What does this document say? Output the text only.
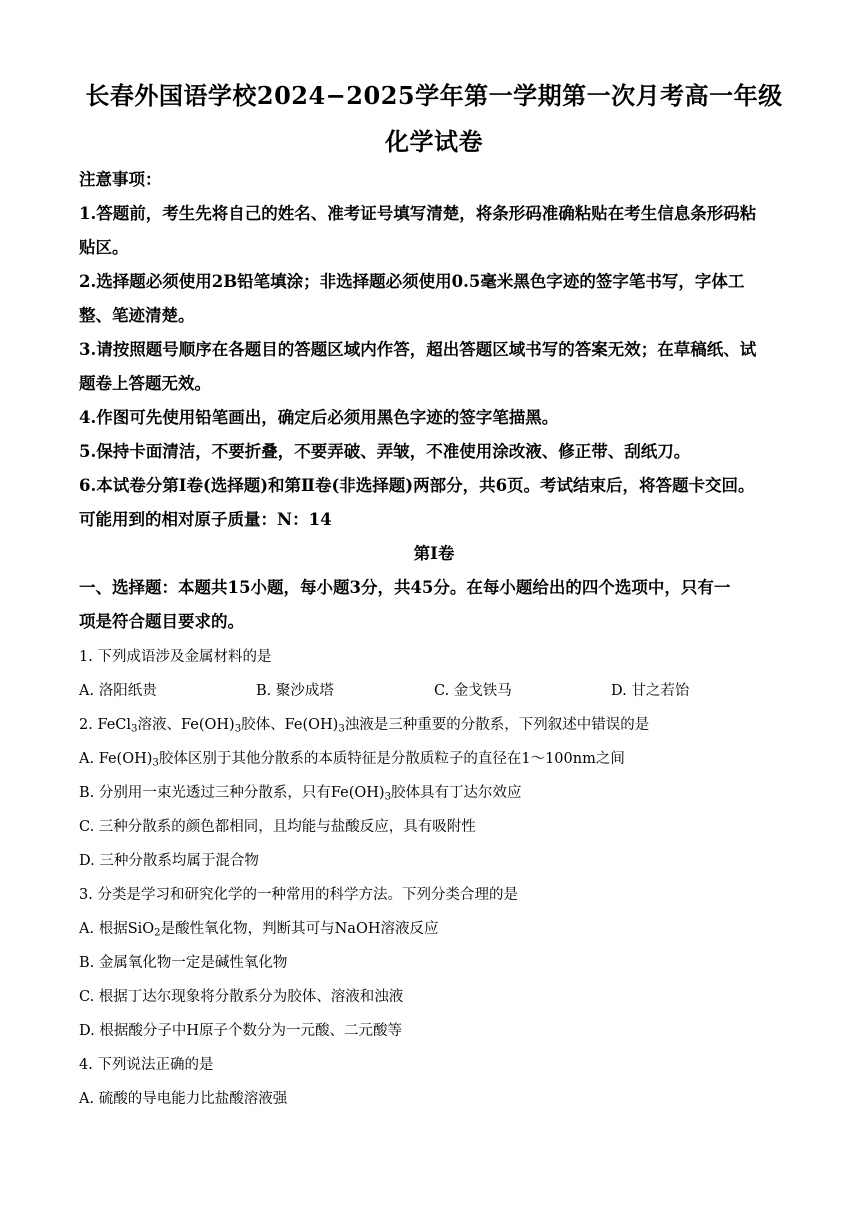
长春外国语学校2024−2025学年第一学期第一次月考高一年级
化学试卷
注意事项：
1.答题前，考生先将自己的姓名、准考证号填写清楚，将条形码准确粘贴在考生信息条形码粘
贴区。
2.选择题必须使用2B铅笔填涂；非选择题必须使用0.5毫米黑色字迹的签字笔书写，字体工
整、笔迹清楚。
3.请按照题号顺序在各题目的答题区域内作答，超出答题区域书写的答案无效；在草稿纸、试
题卷上答题无效。
4.作图可先使用铅笔画出，确定后必须用黑色字迹的签字笔描黑。
5.保持卡面清洁，不要折叠，不要弄破、弄皱，不准使用涂改液、修正带、刮纸刀。
6.本试卷分第Ⅰ卷(选择题)和第Ⅱ卷(非选择题)两部分，共6页。考试结束后，将答题卡交回。
可能用到的相对原子质量：N：14
第Ⅰ卷
一、选择题：本题共15小题，每小题3分，共45分。在每小题给出的四个选项中，只有一
项是符合题目要求的。
1. 下列成语涉及金属材料的是
A. 洛阳纸贵	B. 聚沙成塔	C. 金戈铁马	D. 甘之若饴
2. FeCl$_3$溶液、$Fe(OH)_3$胶体、$Fe(OH)_3$浊液是三种重要的分散系，下列叙述中错误的是
A. $Fe(OH)_3$胶体区别于其他分散系的本质特征是分散质粒子的直径在1～100nm之间
B. 分别用一束光透过三种分散系，只有$Fe(OH)_3$胶体具有丁达尔效应
C. 三种分散系的颜色都相同，且均能与盐酸反应，具有吸附性
D. 三种分散系均属于混合物
3. 分类是学习和研究化学的一种常用的科学方法。下列分类合理的是
A. 根据SiO$_2$是酸性氧化物，判断其可与NaOH溶液反应
B. 金属氧化物一定是碱性氧化物
C. 根据丁达尔现象将分散系分为胶体、溶液和浊液
D. 根据酸分子中H原子个数分为一元酸、二元酸等
4. 下列说法正确的是
A. 硫酸的导电能力比盐酸溶液强
